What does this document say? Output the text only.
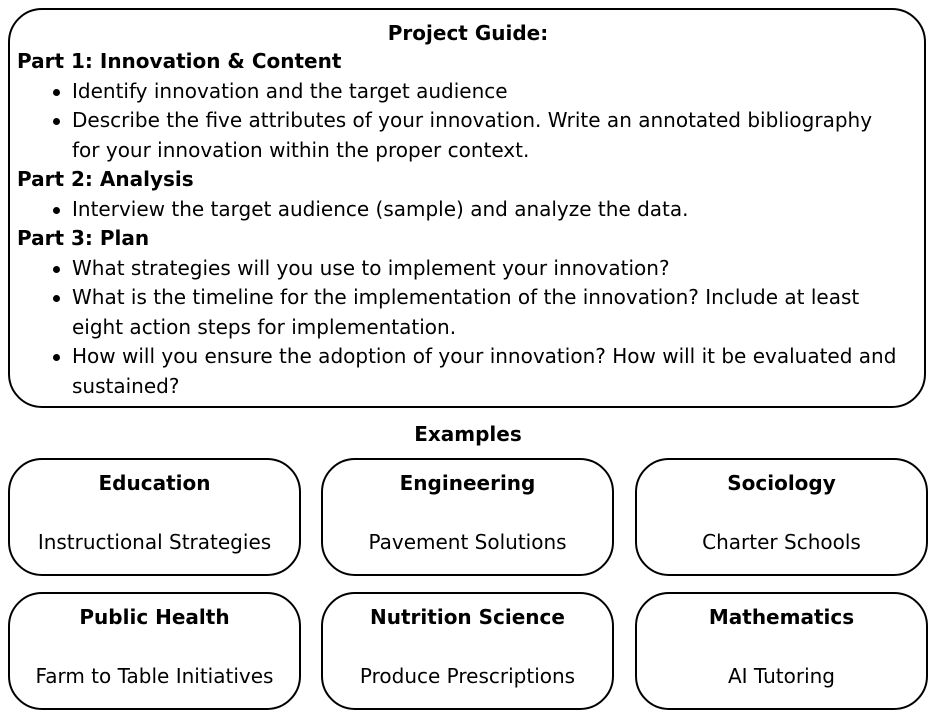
Project Guide:
Part 1: Innovation & Content
Identify innovation and the target audience
Describe the five attributes of your innovation. Write an annotated bibliography for your innovation within the proper context.
Part 2: Analysis
Interview the target audience (sample) and analyze the data.
Part 3: Plan
What strategies will you use to implement your innovation?
What is the timeline for the implementation of the innovation? Include at least eight action steps for implementation.
How will you ensure the adoption of your innovation? How will it be evaluated and sustained?
Examples
Education
Instructional Strategies
Engineering
Pavement Solutions
Sociology
Charter Schools
Public Health
Farm to Table Initiatives
Nutrition Science
Produce Prescriptions
Mathematics
AI Tutoring
